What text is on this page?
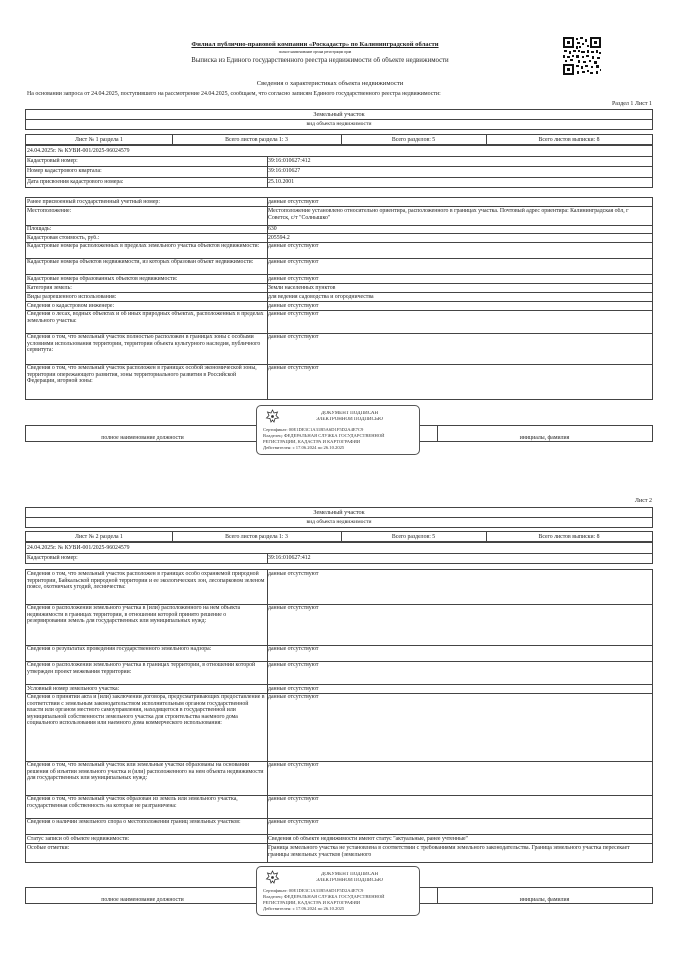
Филиал публично-правовой компании «Роскадастр» по Калининградской области
полное наименование органа регистрации прав
Выписка из Единого государственного реестра недвижимости об объекте недвижимости
Сведения о характеристиках объекта недвижимости
На основании запроса от 24.04.2025, поступившего на рассмотрение 24.04.2025, сообщаем, что согласно записям Единого государственного реестра недвижимости:
Раздел 1 Лист 1
Земельный участок
вид объекта недвижимости
Лист № 1 раздела 1	Всего листов раздела 1: 3	Всего разделов: 5	Всего листов выписки: 8
24.04.2025г. № КУВИ-001/2025-96024579
Кадастровый номер:	39:16:010627:412
Номер кадастрового квартала:	39:16:010627
Дата присвоения кадастрового номера:	25.10.2001
Ранее присвоенный государственный учетный номер:	данные отсутствуют
Местоположение:	Местоположение установлено относительно ориентира, расположенного в границах участка. Почтовый адрес ориентира: Калининградская обл, г Советск, с/т "Солнышко"
Площадь:	630
Кадастровая стоимость, руб.:	205594.2
Кадастровые номера расположенных в пределах земельного участка объектов недвижимости:	данные отсутствуют
Кадастровые номера объектов недвижимости, из которых образован объект недвижимости:	данные отсутствуют
Кадастровые номера образованных объектов недвижимости:	данные отсутствуют
Категория земель:	Земли населенных пунктов
Виды разрешенного использования:	для ведения садоводства и огородничества
Сведения о кадастровом инженере:	данные отсутствуют
Сведения о лесах, водных объектах и об иных природных объектах, расположенных в пределах земельного участка:
данные отсутствуют
Сведения о том, что земельный участок полностью расположен в границах зоны с особыми условиями использования территории, территории объекта культурного наследия, публичного сервитута:
данные отсутствуют
Сведения о том, что земельный участок расположен в границах особой экономической зоны, территории опережающего развития, зоны территориального развития в Российской Федерации, игорной зоны:
данные отсутствуют
полное наименование должности	инициалы, фамилия
ДОКУМЕНТ ПОДПИСАН
ЭЛЕКТРОННОЙ ПОДПИСЬЮ
Сертификат: 00E1DE3C1A31B5A6D1F5D2A4E7C9
Владелец: ФЕДЕРАЛЬНАЯ СЛУЖБА ГОСУДАРСТВЕННОЙ
РЕГИСТРАЦИИ, КАДАСТРА И КАРТОГРАФИИ
Действителен: с 17.06.2024 по 26.10.2025
Лист 2
Земельный участок
вид объекта недвижимости
Лист № 2 раздела 1	Всего листов раздела 1: 3	Всего разделов: 5	Всего листов выписки: 8
24.04.2025г. № КУВИ-001/2025-96024579
Кадастровый номер:	39:16:010627:412
Сведения о том, что земельный участок расположен в границах особо охраняемой природной территории, Байкальской природной территории и ее экологических зон, лесопарковом зеленом поясе, охотничьих угодий, лесничества:
данные отсутствуют
Сведения о расположении земельного участка в (или) расположенного на нем объекта недвижимости в границах территории, в отношении которой принято решение о резервировании земель для государственных или муниципальных нужд:
данные отсутствуют
Сведения о результатах проведения государственного земельного надзора:	данные отсутствуют
Сведения о расположении земельного участка в границах территории, в отношении которой утвержден проект межевания территории:
данные отсутствуют
Условный номер земельного участка:	данные отсутствуют
Сведения о принятии акта и (или) заключении договора, предусматривающих предоставление в соответствии с земельным законодательством исполнительным органом государственной власти или органом местного самоуправления, находящегося в государственной или муниципальной собственности земельного участка для строительства наемного дома социального использования или наемного дома коммерческого использования:
данные отсутствуют
Сведения о том, что земельный участок или земельные участки образованы на основании решения об изъятии земельного участка и (или) расположенного на нем объекта недвижимости для государственных или муниципальных нужд:
данные отсутствуют
Сведения о том, что земельный участок образован из земель или земельного участка, государственная собственность на которые не разграничена:
данные отсутствуют
Сведения о наличии земельного спора о местоположении границ земельных участков:	данные отсутствуют
Статус записи об объекте недвижимости:	Сведения об объекте недвижимости имеют статус "актуальные, ранее учтенные"
Особые отметки:	Граница земельного участка не установлена в соответствии с требованиями земельного законодательства. Граница земельного участка пересекает границы земельных участков (земельного
полное наименование должности	инициалы, фамилия
ДОКУМЕНТ ПОДПИСАН
ЭЛЕКТРОННОЙ ПОДПИСЬЮ
Сертификат: 00E1DE3C1A31B5A6D1F5D2A4E7C9
Владелец: ФЕДЕРАЛЬНАЯ СЛУЖБА ГОСУДАРСТВЕННОЙ
РЕГИСТРАЦИИ, КАДАСТРА И КАРТОГРАФИИ
Действителен: с 17.06.2024 по 26.10.2025
